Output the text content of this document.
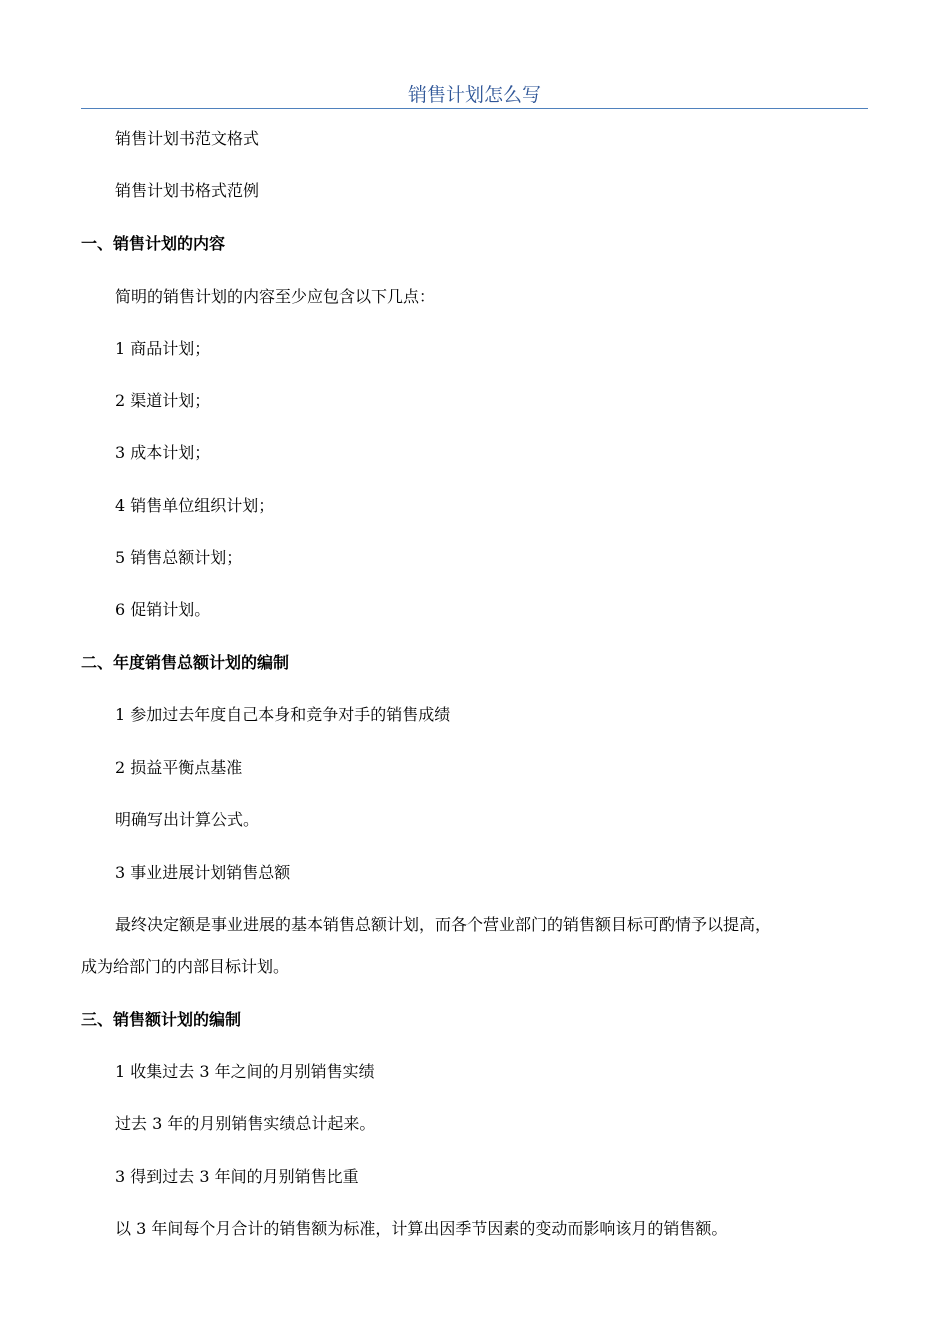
销售计划怎么写
销售计划书范文格式
销售计划书格式范例
一、销售计划的内容
简明的销售计划的内容至少应包含以下几点：
1 商品计划；
2 渠道计划；
3 成本计划；
4 销售单位组织计划；
5 销售总额计划；
6 促销计划。
二、年度销售总额计划的编制
1 参加过去年度自己本身和竞争对手的销售成绩
2 损益平衡点基准
明确写出计算公式。
3 事业进展计划销售总额
最终决定额是事业进展的基本销售总额计划，而各个营业部门的销售额目标可酌情予以提高，
成为给部门的内部目标计划。
三、销售额计划的编制
1 收集过去 3 年之间的月别销售实绩
过去 3 年的月别销售实绩总计起来。
3 得到过去 3 年间的月别销售比重
以 3 年间每个月合计的销售额为标准，计算出因季节因素的变动而影响该月的销售额。
